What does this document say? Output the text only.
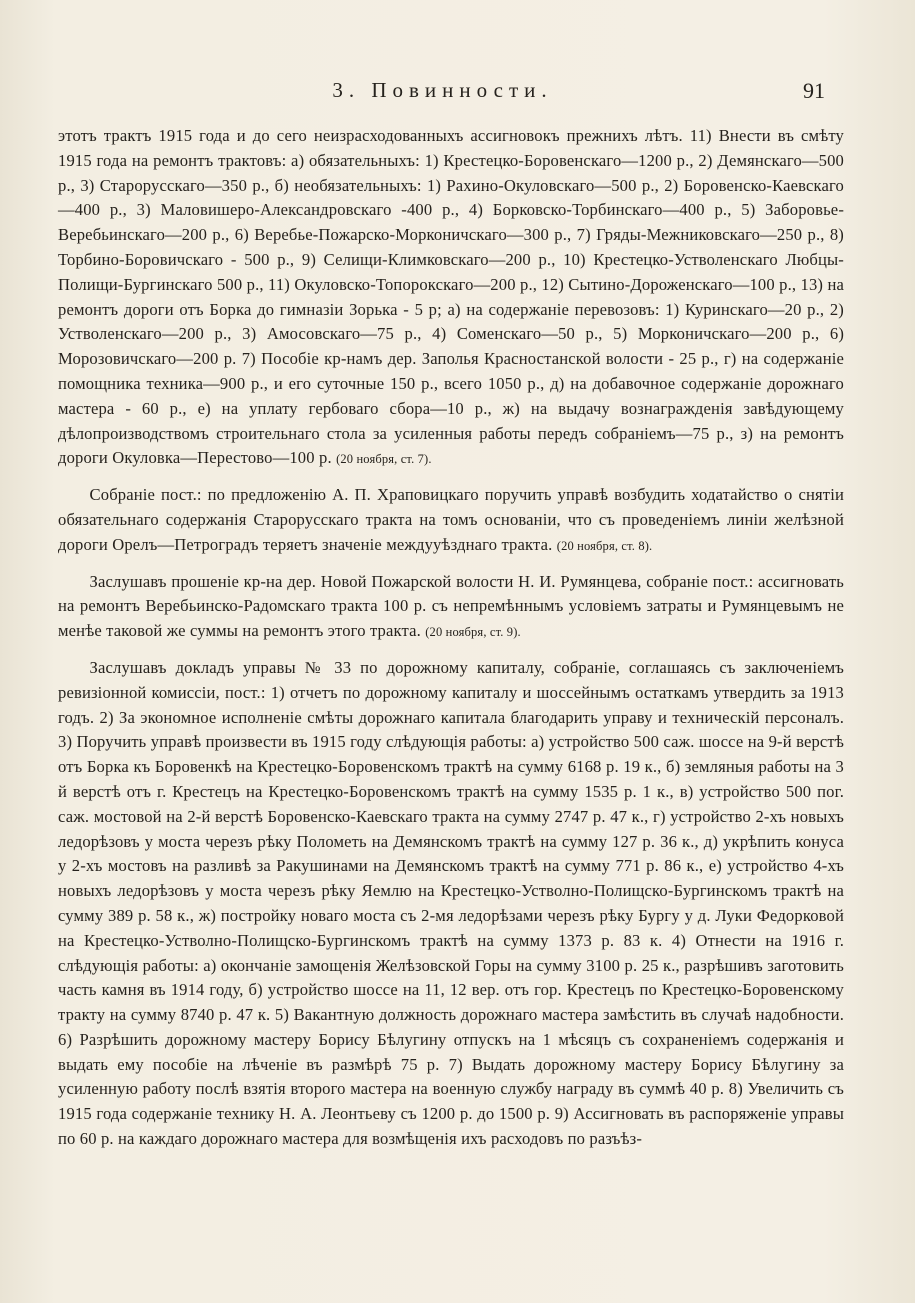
3. Повинности.	91

этотъ трактъ 1915 года и до сего неизрасходованныхъ ассигновокъ прежнихъ лѣтъ. 11) Внести въ смѣту 1915 года на ремонтъ трактовъ: а) обязательныхъ: 1) Крестецко-Боровенскаго—1200 р., 2) Демянскаго—500 р., 3) Старорусскаго—350 р., б) необязательныхъ: 1) Рахино-Окуловскаго—500 р., 2) Боровенско-Каевскаго—400 р., 3) Маловишеро-Александровскаго -400 р., 4) Борковско-Торбинскаго—400 р., 5) Заборовье-Веребьинскаго—200 р., 6) Веребье-Пожарско-Морконичскаго—300 р., 7) Гряды-Межниковскаго—250 р., 8) Торбино-Боровичскаго - 500 р., 9) Селищи-Климковскаго—200 р., 10) Крестецко-Устволенскаго Любцы-Полищи-Бургинскаго 500 р., 11) Окуловско-Топорокскаго—200 р., 12) Сытино-Дороженскаго—100 р., 13) на ремонтъ дороги отъ Борка до гимназіи Зорька - 5 р; а) на содержаніе перевозовъ: 1) Куринскаго—20 р., 2) Устволенскаго—200 р., 3) Амосовскаго—75 р., 4) Соменскаго—50 р., 5) Морконичскаго—200 р., 6) Морозовичскаго—200 р. 7) Пособіе кр-намъ дер. Заполья Красностанской волости - 25 р., г) на содержаніе помощника техника—900 р., и его суточные 150 р., всего 1050 р., д) на добавочное содержаніе дорожнаго мастера - 60 р., е) на уплату гербоваго сбора—10 р., ж) на выдачу вознагражденія завѣдующему дѣлопроизводствомъ строительнаго стола за усиленныя работы передъ собраніемъ—75 р., з) на ремонтъ дороги Окуловка—Перестово—100 р. (20 ноября, ст. 7).

Собраніе пост.: по предложенію А. П. Храповицкаго поручить управѣ возбудить ходатайство о снятіи обязательнаго содержанія Старорусскаго тракта на томъ основаніи, что съ проведеніемъ линіи желѣзной дороги Орелъ—Петроградъ теряетъ значеніе междууѣзднаго тракта. (20 ноября, ст. 8).

Заслушавъ прошеніе кр-на дер. Новой Пожарской волости Н. И. Румянцева, собраніе пост.: ассигновать на ремонтъ Веребьинско-Радомскаго тракта 100 р. съ непремѣннымъ условіемъ затраты и Румянцевымъ не менѣе таковой же суммы на ремонтъ этого тракта. (20 ноября, ст. 9).

Заслушавъ докладъ управы № 33 по дорожному капиталу, собраніе, соглашаясь съ заключеніемъ ревизіонной комиссіи, пост.: 1) отчетъ по дорожному капиталу и шоссейнымъ остаткамъ утвердить за 1913 годъ. 2) За экономное исполненіе смѣты дорожнаго капитала благодарить управу и техническій персоналъ. 3) Поручить управѣ произвести въ 1915 году слѣдующія работы: а) устройство 500 саж. шоссе на 9-й верстѣ отъ Борка къ Боровенкѣ на Крестецко-Боровенскомъ трактѣ на сумму 6168 р. 19 к., б) земляныя работы на 3 й верстѣ отъ г. Крестецъ на Крестецко-Боровенскомъ трактѣ на сумму 1535 р. 1 к., в) устройство 500 пог. саж. мостовой на 2-й верстѣ Боровенско-Каевскаго тракта на сумму 2747 р. 47 к., г) устройство 2-хъ новыхъ ледорѣзовъ у моста черезъ рѣку Полометь на Демянскомъ трактѣ на сумму 127 р. 36 к., д) укрѣпить конуса у 2-хъ мостовъ на разливѣ за Ракушинами на Демянскомъ трактѣ на сумму 771 р. 86 к., е) устройство 4-хъ новыхъ ледорѣзовъ у моста черезъ рѣку Яемлю на Крестецко-Устволно-Полищско-Бургинскомъ трактѣ на сумму 389 р. 58 к., ж) постройку новаго моста съ 2-мя ледорѣзами черезъ рѣку Бургу у д. Луки Федорковой на Крестецко-Устволно-Полищско-Бургинскомъ трактѣ на сумму 1373 р. 83 к. 4) Отнести на 1916 г. слѣдующія работы: а) окончаніе замощенія Желѣзовской Горы на сумму 3100 р. 25 к., разрѣшивъ заготовить часть камня въ 1914 году, б) устройство шоссе на 11, 12 вер. отъ гор. Крестецъ по Крестецко-Боровенскому тракту на сумму 8740 р. 47 к. 5) Вакантную должность дорожнаго мастера замѣстить въ случаѣ надобности. 6) Разрѣшить дорожному мастеру Борису Бѣлугину отпускъ на 1 мѣсяцъ съ сохраненіемъ содержанія и выдать ему пособіе на лѣченіе въ размѣрѣ 75 р. 7) Выдать дорожному мастеру Борису Бѣлугину за усиленную работу послѣ взятія второго мастера на военную службу награду въ суммѣ 40 р. 8) Увеличить съ 1915 года содержаніе технику Н. А. Леонтьеву съ 1200 р. до 1500 р. 9) Ассигновать въ распоряженіе управы по 60 р. на каждаго дорожнаго мастера для возмѣщенія ихъ расходовъ по разъѣз-
